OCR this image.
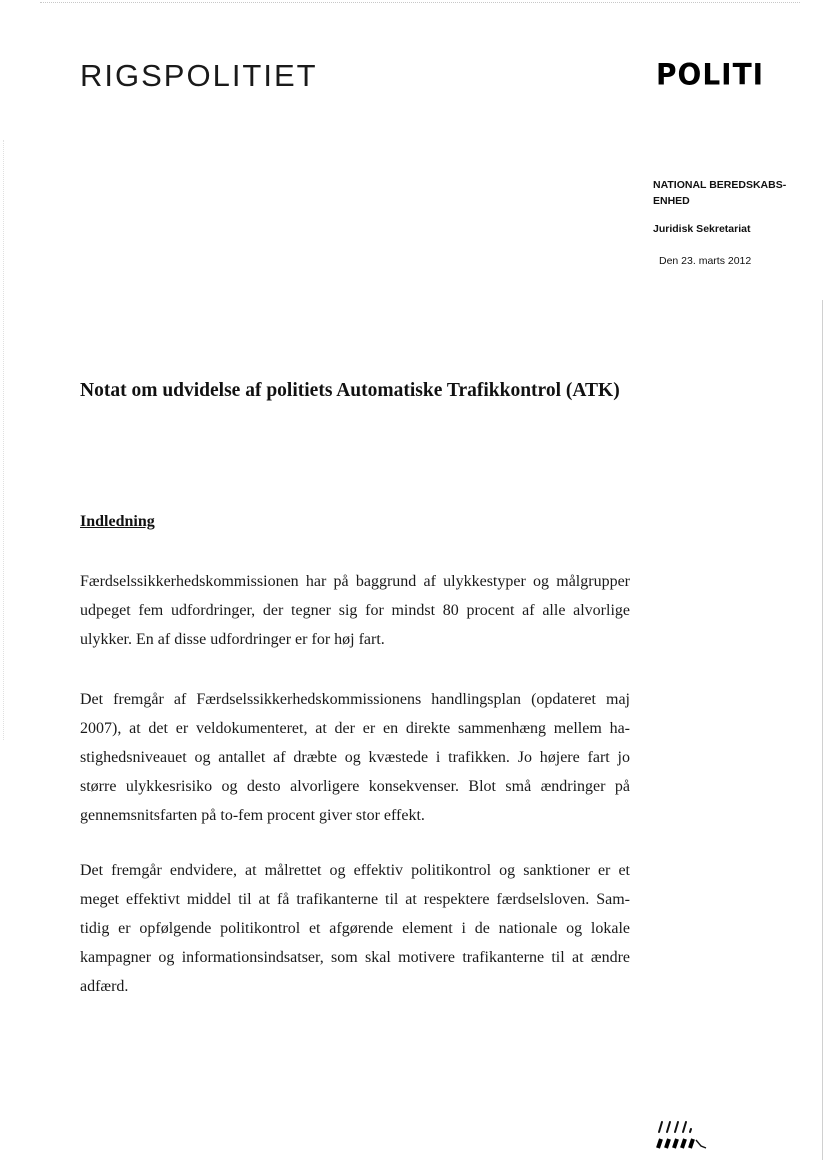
RIGSPOLITIET	POLITI
NATIONAL BEREDSKABS-
ENHED
Juridisk Sekretariat
Den 23. marts 2012
Notat om udvidelse af politiets Automatiske Trafikkontrol (ATK)
Indledning
Færdselssikkerhedskommissionen har på baggrund af ulykkestyper og målgrupper
udpeget fem udfordringer, der tegner sig for mindst 80 procent af alle alvorlige
ulykker. En af disse udfordringer er for høj fart.
Det fremgår af Færdselssikkerhedskommissionens handlingsplan (opdateret maj
2007), at det er veldokumenteret, at der er en direkte sammenhæng mellem ha-
stighedsniveauet og antallet af dræbte og kvæstede i trafikken. Jo højere fart jo
større ulykkesrisiko og desto alvorligere konsekvenser. Blot små ændringer på
gennemsnitsfarten på to-fem procent giver stor effekt.
Det fremgår endvidere, at målrettet og effektiv politikontrol og sanktioner er et
meget effektivt middel til at få trafikanterne til at respektere færdselsloven. Sam-
tidig er opfølgende politikontrol et afgørende element i de nationale og lokale
kampagner og informationsindsatser, som skal motivere trafikanterne til at ændre
adfærd.
